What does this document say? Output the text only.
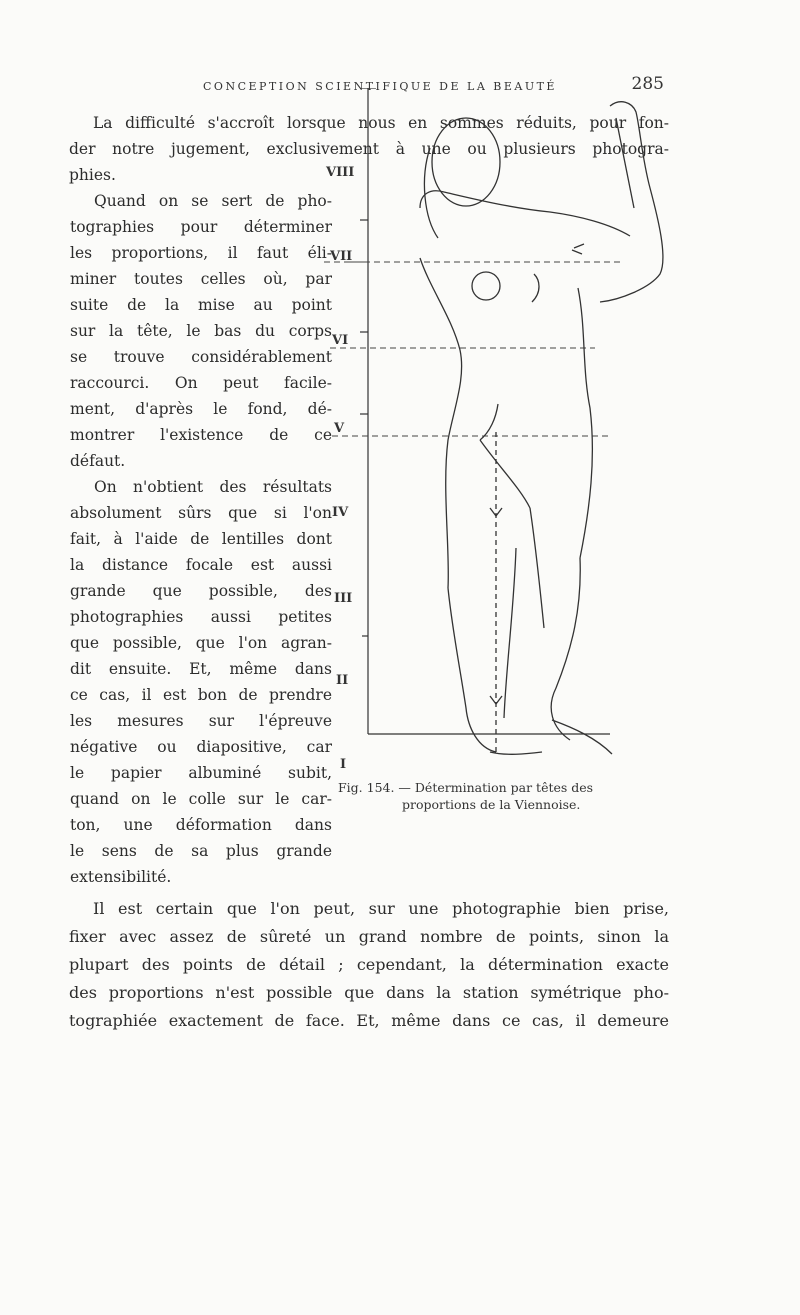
CONCEPTION SCIENTIFIQUE DE LA BEAUTÉ	285

La difficulté s'accroît lorsque nous en sommes réduits, pour fon-
der notre jugement, exclusivement à une ou plusieurs photogra-
phies.

Quand on se sert de pho-
tographies pour déterminer
les proportions, il faut éli-
miner toutes celles où, par
suite de la mise au point
sur la tête, le bas du corps
se trouve considérablement
raccourci. On peut facile-
ment, d'après le fond, dé-
montrer l'existence de ce
défaut.

On n'obtient des résultats
absolument sûrs que si l'on
fait, à l'aide de lentilles dont
la distance focale est aussi
grande que possible, des
photographies aussi petites
que possible, que l'on agran-
dit ensuite. Et, même dans
ce cas, il est bon de prendre
les mesures sur l'épreuve
négative ou diapositive, car
le papier albuminé subit,
quand on le colle sur le car-
ton, une déformation dans
le sens de sa plus grande
extensibilité.

VIII
VII
VI
V
IV
III
II
I
Fig. 154. — Détermination par têtes des
proportions de la Viennoise.

Il est certain que l'on peut, sur une photographie bien prise,
fixer avec assez de sûreté un grand nombre de points, sinon la
plupart des points de détail ; cependant, la détermination exacte
des proportions n'est possible que dans la station symétrique pho-
tographiée exactement de face. Et, même dans ce cas, il demeure
